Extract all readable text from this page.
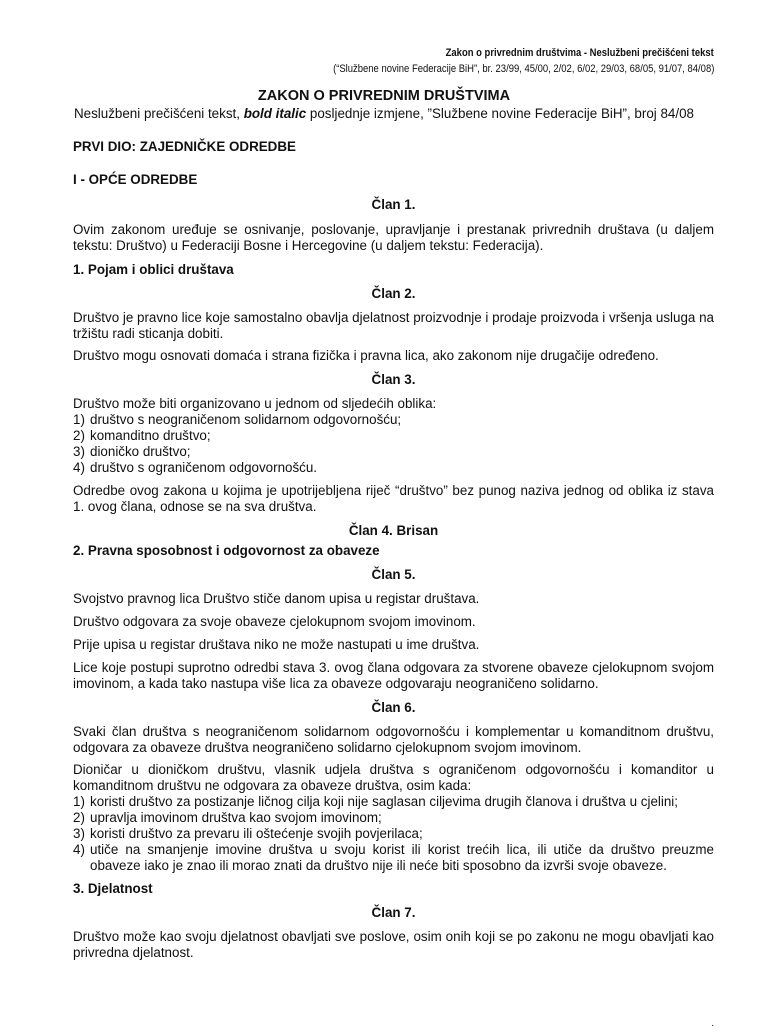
Zakon o privrednim društvima - Neslužbeni prečišćeni tekst
(“Službene novine Federacije BiH”, br. 23/99, 45/00, 2/02, 6/02, 29/03, 68/05, 91/07, 84/08)
ZAKON O PRIVREDNIM DRUŠTVIMA
Neslužbeni prečišćeni tekst, bold italic posljednje izmjene, ”Službene novine Federacije BiH”, broj 84/08
PRVI DIO: ZAJEDNIČKE ODREDBE
I - OPĆE ODREDBE
Član 1.

Ovim zakonom uređuje se osnivanje, poslovanje, upravljanje i prestanak privrednih društava (u daljem tekstu: Društvo) u Federaciji Bosne i Hercegovine (u daljem tekstu: Federacija).

1. Pojam i oblici društava
Član 2.

Društvo je pravno lice koje samostalno obavlja djelatnost proizvodnje i prodaje proizvoda i vršenja usluga na tržištu radi sticanja dobiti.

Društvo mogu osnovati domaća i strana fizička i pravna lica, ako zakonom nije drugačije određeno.

Član 3.

Društvo može biti organizovano u jednom od sljedećih oblika:

1) društvo s neograničenom solidarnom odgovornošću;
2) komanditno društvo;
3) dioničko društvo;
4) društvo s ograničenom odgovornošću.

Odredbe ovog zakona u kojima je upotrijebljena riječ “društvo” bez punog naziva jednog od oblika iz stava 1. ovog člana, odnose se na sva društva.

Član 4. Brisan
2. Pravna sposobnost i odgovornost za obaveze
Član 5.

Svojstvo pravnog lica Društvo stiče danom upisa u registar društava.

Društvo odgovara za svoje obaveze cjelokupnom svojom imovinom.

Prije upisa u registar društava niko ne može nastupati u ime društva.

Lice koje postupi suprotno odredbi stava 3. ovog člana odgovara za stvorene obaveze cjelokupnom svojom imovinom, a kada tako nastupa više lica za obaveze odgovaraju neograničeno solidarno.

Član 6.

Svaki član društva s neograničenom solidarnom odgovornošću i komplementar u komanditnom društvu, odgovara za obaveze društva neograničeno solidarno cjelokupnom svojom imovinom.

Dioničar u dioničkom društvu, vlasnik udjela društva s ograničenom odgovornošću i komanditor u komanditnom društvu ne odgovara za obaveze društva, osim kada:

1) koristi društvo za postizanje ličnog cilja koji nije saglasan ciljevima drugih članova i društva u cjelini;
2) upravlja imovinom društva kao svojom imovinom;
3) koristi društvo za prevaru ili oštećenje svojih povjerilaca;
4) utiče na smanjenje imovine društva u svoju korist ili korist trećih lica, ili utiče da društvo preuzme obaveze iako je znao ili morao znati da društvo nije ili neće biti sposobno da izvrši svoje obaveze.
3. Djelatnost
Član 7.

Društvo može kao svoju djelatnost obavljati sve poslove, osim onih koji se po zakonu ne mogu obavljati kao privredna djelatnost.

.
